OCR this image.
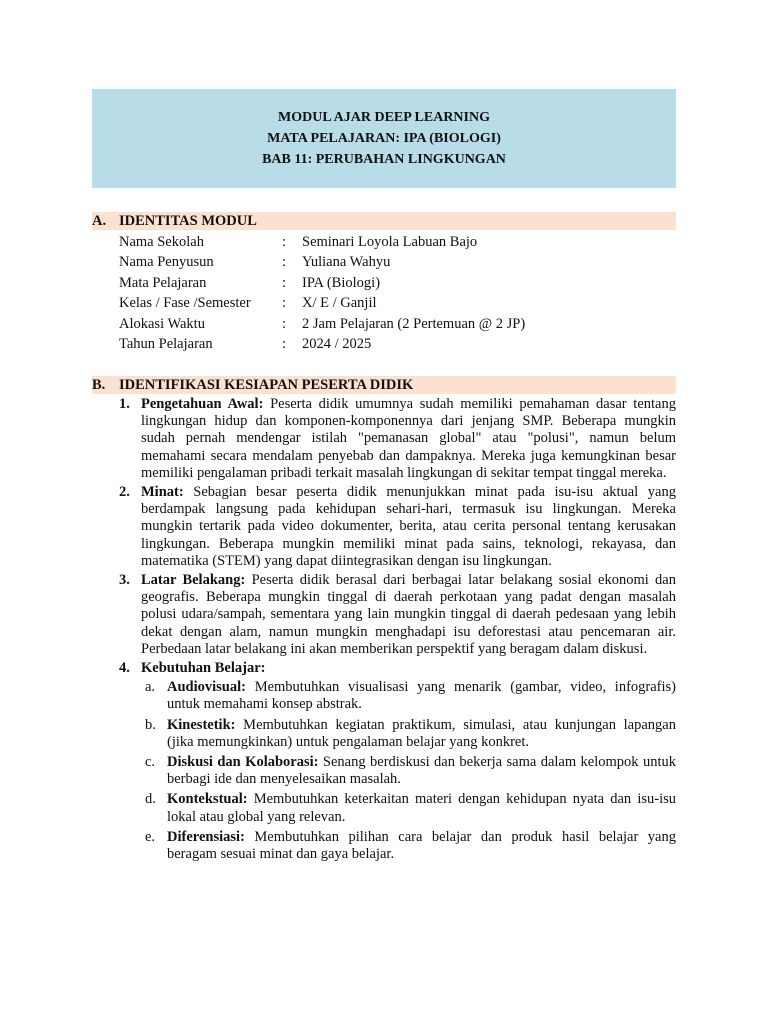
MODUL AJAR DEEP LEARNING
MATA PELAJARAN: IPA (BIOLOGI)
BAB 11: PERUBAHAN LINGKUNGAN
A. IDENTITAS MODUL
Nama Sekolah	: Seminari Loyola Labuan Bajo
Nama Penyusun	: Yuliana Wahyu
Mata Pelajaran	: IPA (Biologi)
Kelas / Fase /Semester : X/ E / Ganjil
Alokasi Waktu	: 2 Jam Pelajaran (2 Pertemuan @ 2 JP)
Tahun Pelajaran	: 2024 / 2025
B. IDENTIFIKASI KESIAPAN PESERTA DIDIK
1. Pengetahuan Awal: Peserta didik umumnya sudah memiliki pemahaman dasar tentang lingkungan hidup dan komponen-komponennya dari jenjang SMP. Beberapa mungkin sudah pernah mendengar istilah "pemanasan global" atau "polusi", namun belum memahami secara mendalam penyebab dan dampaknya. Mereka juga kemungkinan besar memiliki pengalaman pribadi terkait masalah lingkungan di sekitar tempat tinggal mereka.
2. Minat: Sebagian besar peserta didik menunjukkan minat pada isu-isu aktual yang berdampak langsung pada kehidupan sehari-hari, termasuk isu lingkungan. Mereka mungkin tertarik pada video dokumenter, berita, atau cerita personal tentang kerusakan lingkungan. Beberapa mungkin memiliki minat pada sains, teknologi, rekayasa, dan matematika (STEM) yang dapat diintegrasikan dengan isu lingkungan.
3. Latar Belakang: Peserta didik berasal dari berbagai latar belakang sosial ekonomi dan geografis. Beberapa mungkin tinggal di daerah perkotaan yang padat dengan masalah polusi udara/sampah, sementara yang lain mungkin tinggal di daerah pedesaan yang lebih dekat dengan alam, namun mungkin menghadapi isu deforestasi atau pencemaran air. Perbedaan latar belakang ini akan memberikan perspektif yang beragam dalam diskusi.
4. Kebutuhan Belajar:
a. Audiovisual: Membutuhkan visualisasi yang menarik (gambar, video, infografis) untuk memahami konsep abstrak.
b. Kinestetik: Membutuhkan kegiatan praktikum, simulasi, atau kunjungan lapangan (jika memungkinkan) untuk pengalaman belajar yang konkret.
c. Diskusi dan Kolaborasi: Senang berdiskusi dan bekerja sama dalam kelompok untuk berbagi ide dan menyelesaikan masalah.
d. Kontekstual: Membutuhkan keterkaitan materi dengan kehidupan nyata dan isu-isu lokal atau global yang relevan.
e. Diferensiasi: Membutuhkan pilihan cara belajar dan produk hasil belajar yang beragam sesuai minat dan gaya belajar.
